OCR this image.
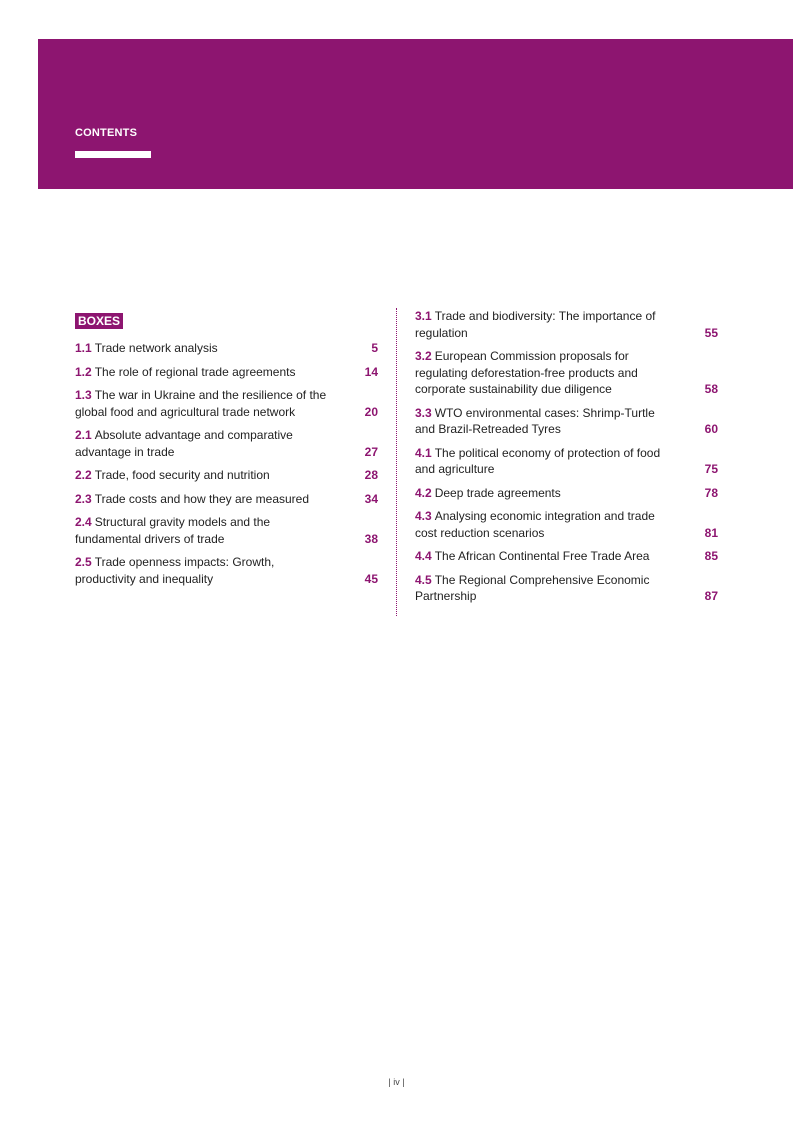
CONTENTS
BOXES
1.1 Trade network analysis	5
1.2 The role of regional trade agreements	14
1.3 The war in Ukraine and the resilience of the global food and agricultural trade network	20
2.1 Absolute advantage and comparative advantage in trade	27
2.2 Trade, food security and nutrition	28
2.3 Trade costs and how they are measured	34
2.4 Structural gravity models and the fundamental drivers of trade	38
2.5 Trade openness impacts: Growth, productivity and inequality	45
3.1 Trade and biodiversity: The importance of regulation	55
3.2 European Commission proposals for regulating deforestation-free products and corporate sustainability due diligence	58
3.3 WTO environmental cases: Shrimp-Turtle and Brazil-Retreaded Tyres	60
4.1 The political economy of protection of food and agriculture	75
4.2 Deep trade agreements	78
4.3 Analysing economic integration and trade cost reduction scenarios	81
4.4 The African Continental Free Trade Area	85
4.5 The Regional Comprehensive Economic Partnership	87
| iv |
